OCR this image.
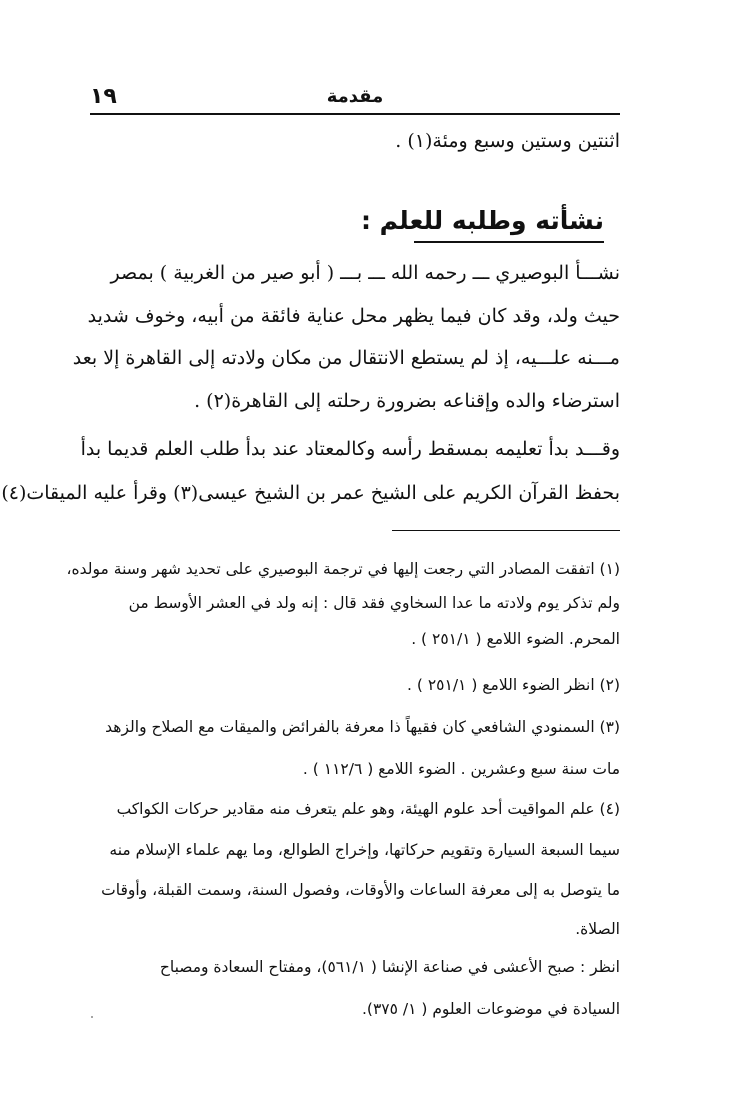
١٩	مقدمة
اثنتين وستين وسبع ومئة(١) .
نشأته وطلبه للعلم :
نشـــأ البوصيري ـــ رحمه الله ـــ بـــ ( أبو صير من الغربية ) بمصر
حيث ولد، وقد كان فيما يظهر محل عناية فائقة من أبيه، وخوف شديد
مـــنه علـــيه، إذ لم يستطع الانتقال من مكان ولادته إلى القاهرة إلا بعد
استرضاء والده وإقناعه بضرورة رحلته إلى القاهرة(٢) .
وقـــد بدأ تعليمه بمسقط رأسه وكالمعتاد عند بدأ طلب العلم قديما بدأ
بحفظ القرآن الكريم على الشيخ عمر بن الشيخ عيسى(٣) وقرأ عليه الميقات(٤)
(١) اتفقت المصادر التي رجعت إليها في ترجمة البوصيري على تحديد شهر وسنة مولده،
ولم تذكر يوم ولادته ما عدا السخاوي فقد قال : إنه ولد في العشر الأوسط من
المحرم. الضوء اللامع ( ٢٥١/١ ) .
(٢) انظر الضوء اللامع ( ٢٥١/١ ) .
(٣) السمنودي الشافعي كان فقيهاً ذا معرفة بالفرائض والميقات مع الصلاح والزهد
مات سنة سبع وعشرين . الضوء اللامع ( ١١٢/٦ ) .
(٤) علم المواقيت أحد علوم الهيئة، وهو علم يتعرف منه مقادير حركات الكواكب
سيما السبعة السيارة وتقويم حركاتها، وإخراج الطوالع، وما يهم علماء الإسلام منه
ما يتوصل به إلى معرفة الساعات والأوقات، وفصول السنة، وسمت القبلة، وأوقات
الصلاة.
انظر : صبح الأعشى في صناعة الإنشا ( ٥٦١/١)، ومفتاح السعادة ومصباح
السيادة في موضوعات العلوم ( ١/ ٣٧٥).
